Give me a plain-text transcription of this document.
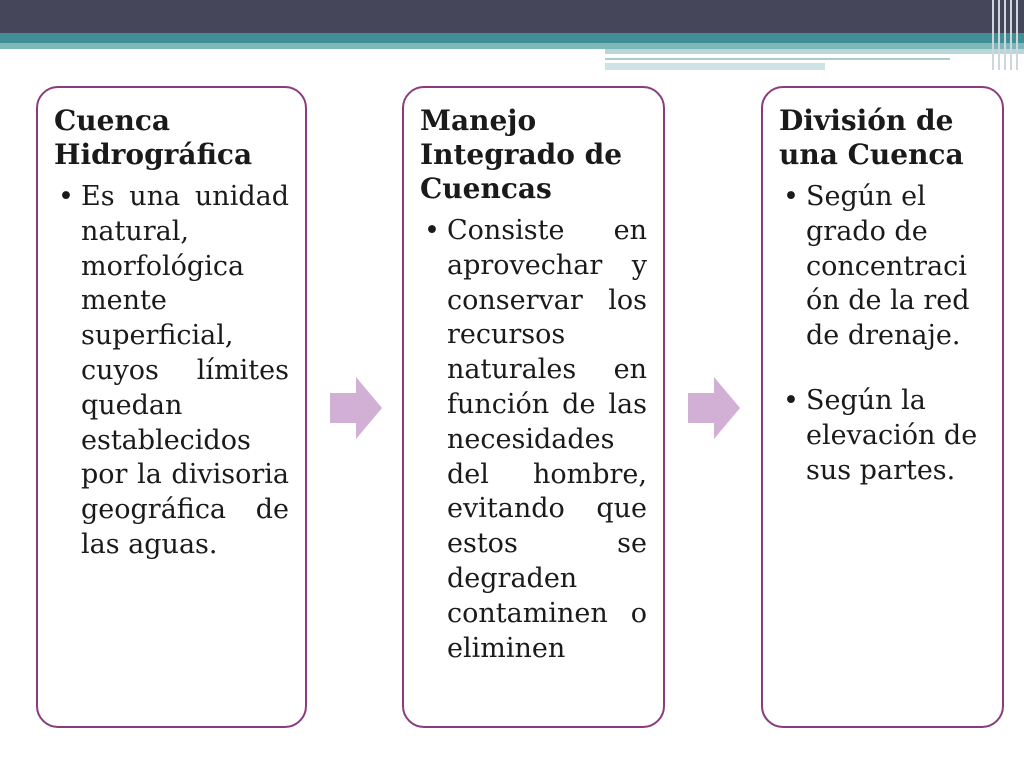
Cuenca Hidrográfica
• Es una unidad natural, morfológica mente superficial, cuyos límites quedan establecidos por la divisoria geográfica de las aguas.
Manejo Integrado de Cuencas
• Consiste en aprovechar y conservar los recursos naturales en función de las necesidades del hombre, evitando que estos se degraden contaminen o eliminen
División de una Cuenca
• Según el grado de concentraci ón de la red de drenaje.
• Según la elevación de sus partes.
